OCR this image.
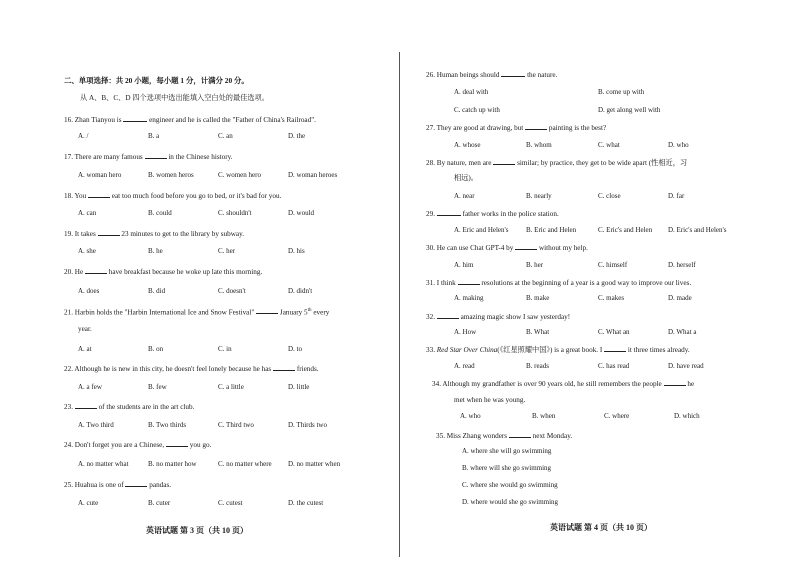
二、单项选择：共 20 小题，每小题 1 分，计满分 20 分。
从 A、B、C、D 四个选项中选出能填入空白处的最佳选项。
16. Zhan Tianyou is	engineer and he is called the "Father of China's Railroad".
A. /	B. a	C. an	D. the
17. There are many famous	in the Chinese history.
A. woman hero	B. women heros	C. women hero	D. woman heroes
18. You	eat too much food before you go to bed, or it's bad for you.
A. can	B. could	C. shouldn't	D. would
19. It takes	23 minutes to get to the library by subway.
A. she	B. he	C. her	D. his
20. He	have breakfast because he woke up late this morning.
A. does	B. did	C. doesn't	D. didn't
21. Harbin holds the "Harbin International Ice and Snow Festival"	January 5th every
year.
A. at	B. on	C. in	D. to
22. Although he is new in this city, he doesn't feel lonely because he has	friends.
A. a few	B. few	C. a little	D. little
23.	of the students are in the art club.
A. Two third	B. Two thirds	C. Third two	D. Thirds two
24. Don't forget you are a Chinese,	you go.
A. no matter what	B. no matter how	C. no matter where D. no matter when
25. Huahua is one of	pandas.
A. cute	B. cuter	C. cutest	D. the cutest
英语试题 第 3 页（共 10 页）
26. Human beings should	the nature.
A. deal with	B. come up with
C. catch up with	D. get along well with
27. They are good at drawing, but	painting is the best?
A. whose	B. whom	C. what	D. who
28. By nature, men are	similar; by practice, they get to be wide apart (性相近，习
相远)。
A. near	B. nearly	C. close	D. far
29.	father works in the police station.
A. Eric and Helen's B. Eric and Helen	C. Eric's and Helen D. Eric's and Helen's
30. He can use Chat GPT-4 by	without my help.
A. him	B. her	C. himself	D. herself
31. I think	resolutions at the beginning of a year is a good way to improve our lives.
A. making	B. make	C. makes	D. made
32.	amazing magic show I saw yesterday!
A. How	B. What	C. What an	D. What a
33. Red Star Over China(《红星照耀中国》) is a great book. I	it three times already.
A. read	B. reads	C. has read	D. have read
34. Although my grandfather is over 90 years old, he still remembers the people	he
met when he was young.
A. who	B. when	C. where	D. which
35. Miss Zhang wonders	next Monday.
A. where she will go swimming
B. where will she go swimming
C. where she would go swimming
D. where would she go swimming
英语试题 第 4 页（共 10 页）
